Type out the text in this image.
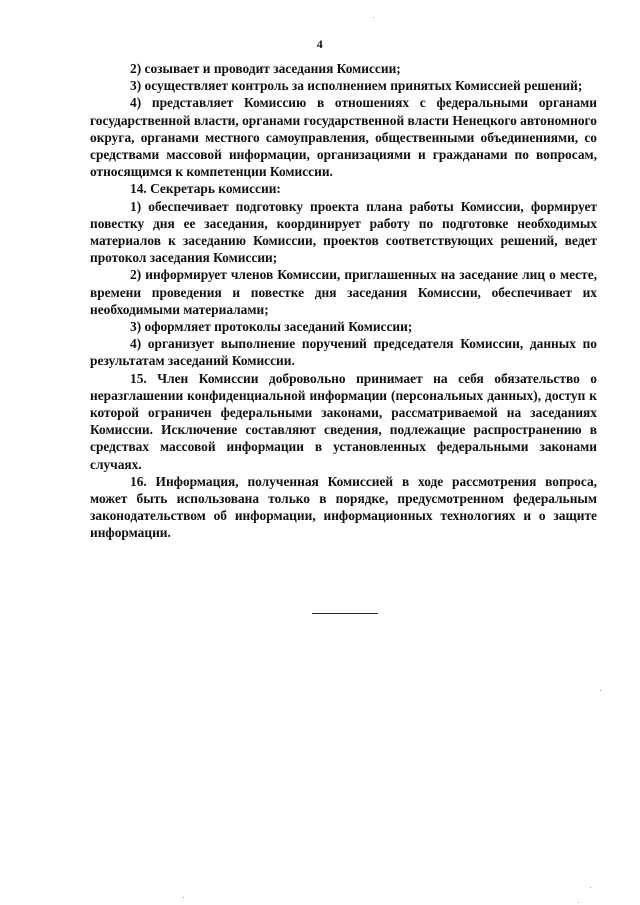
4

2) созывает и проводит заседания Комиссии;

3) осуществляет контроль за исполнением принятых Комиссией решений;

4) представляет Комиссию в отношениях с федеральными органами государственной власти, органами государственной власти Ненецкого автономного округа, органами местного самоуправления, общественными объединениями, со средствами массовой информации, организациями и гражданами по вопросам, относящимся к компетенции Комиссии.

14. Секретарь комиссии:

1) обеспечивает подготовку проекта плана работы Комиссии, формирует повестку дня ее заседания, координирует работу по подготовке необходимых материалов к заседанию Комиссии, проектов соответствующих решений, ведет протокол заседания Комиссии;

2) информирует членов Комиссии, приглашенных на заседание лиц о месте, времени проведения и повестке дня заседания Комиссии, обеспечивает их необходимыми материалами;

3) оформляет протоколы заседаний Комиссии;

4) организует выполнение поручений председателя Комиссии, данных по результатам заседаний Комиссии.

15. Член Комиссии добровольно принимает на себя обязательство о неразглашении конфиденциальной информации (персональных данных), доступ к которой ограничен федеральными законами, рассматриваемой на заседаниях Комиссии. Исключение составляют сведения, подлежащие распространению в средствах массовой информации в установленных федеральными законами случаях.

16. Информация, полученная Комиссией в ходе рассмотрения вопроса, может быть использована только в порядке, предусмотренном федеральным законодательством об информации, информационных технологиях и о защите информации.
